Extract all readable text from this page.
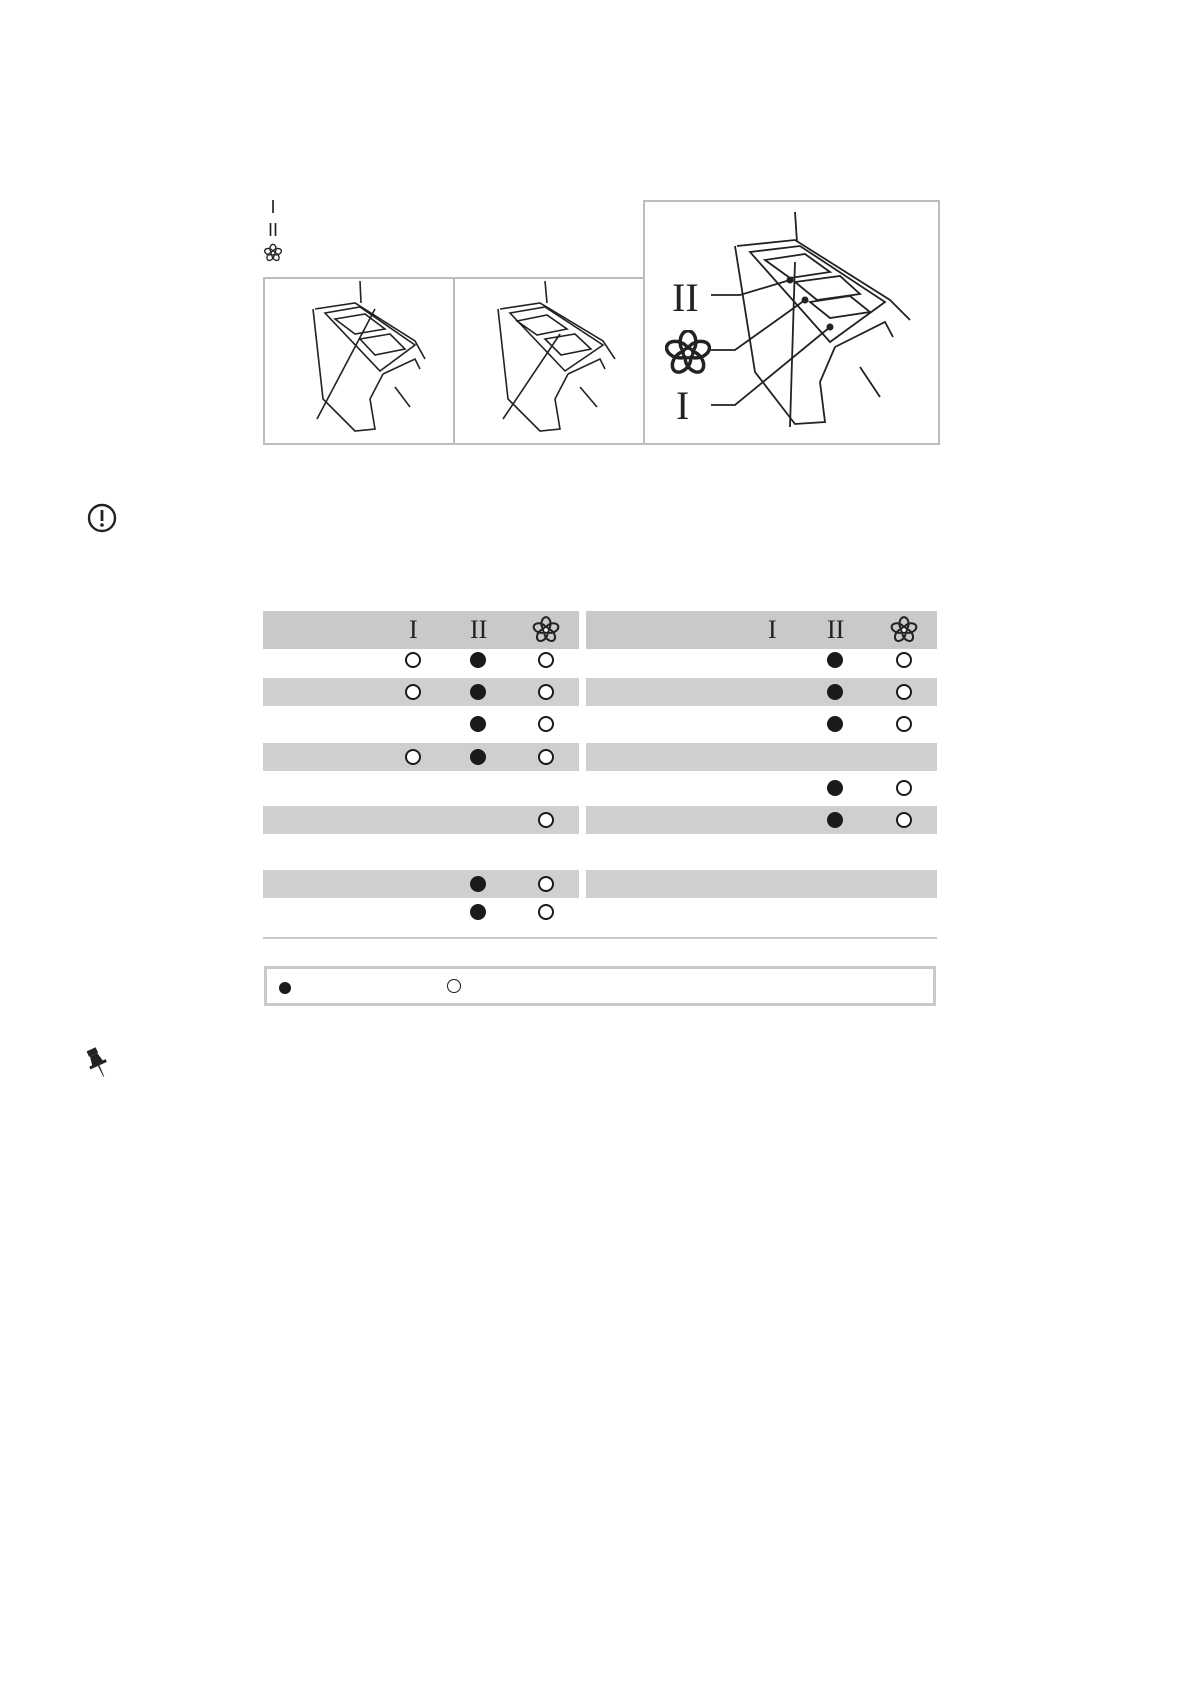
I
II
II
I
I II	I II
